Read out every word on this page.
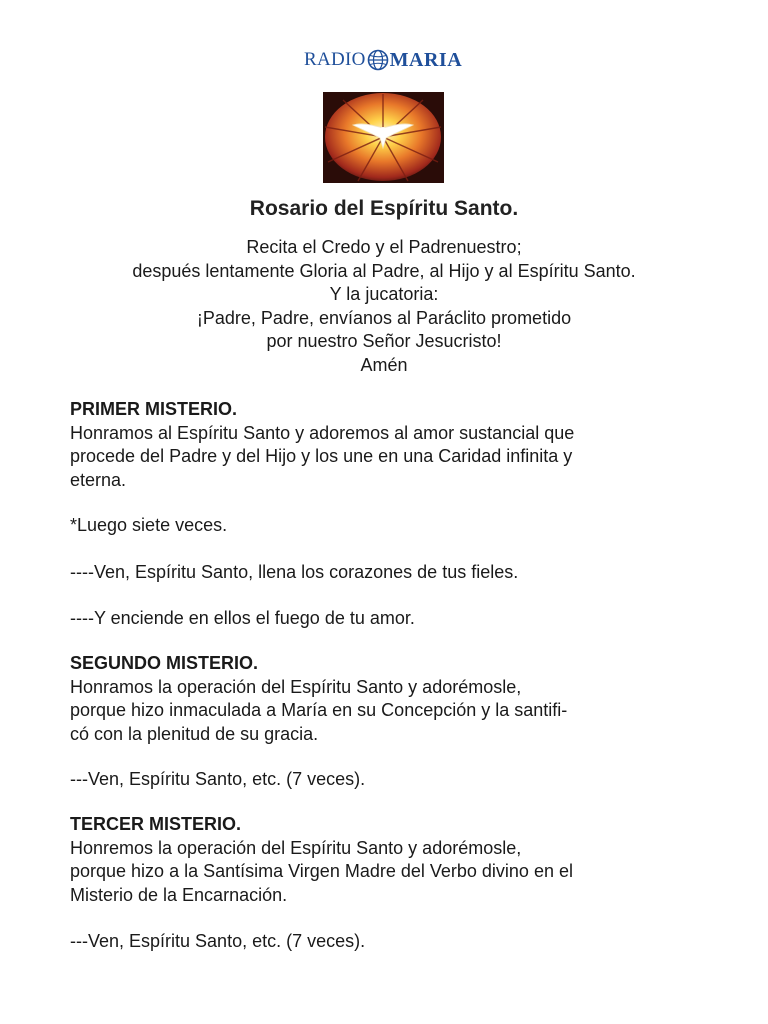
RADIO MARIA
Rosario del Espíritu Santo.
Recita el Credo y el Padrenuestro;
después lentamente Gloria al Padre, al Hijo y al Espíritu Santo.
Y la jucatoria:
¡Padre, Padre, envíanos al Paráclito prometido
por nuestro Señor Jesucristo!
Amén
PRIMER MISTERIO.
Honramos al Espíritu Santo y adoremos al amor sustancial que
procede del Padre y del Hijo y los une en una Caridad infinita y
eterna.
*Luego siete veces.
----Ven, Espíritu Santo, llena los corazones de tus fieles.
----Y enciende en ellos el fuego de tu amor.
SEGUNDO MISTERIO.
Honramos la operación del Espíritu Santo y adorémosle,
porque hizo inmaculada a María en su Concepción y la santifi-
có con la plenitud de su gracia.
---Ven, Espíritu Santo, etc. (7 veces).
TERCER MISTERIO.
Honremos la operación del Espíritu Santo y adorémosle,
porque hizo a la Santísima Virgen Madre del Verbo divino en el
Misterio de la Encarnación.
---Ven, Espíritu Santo, etc. (7 veces).
